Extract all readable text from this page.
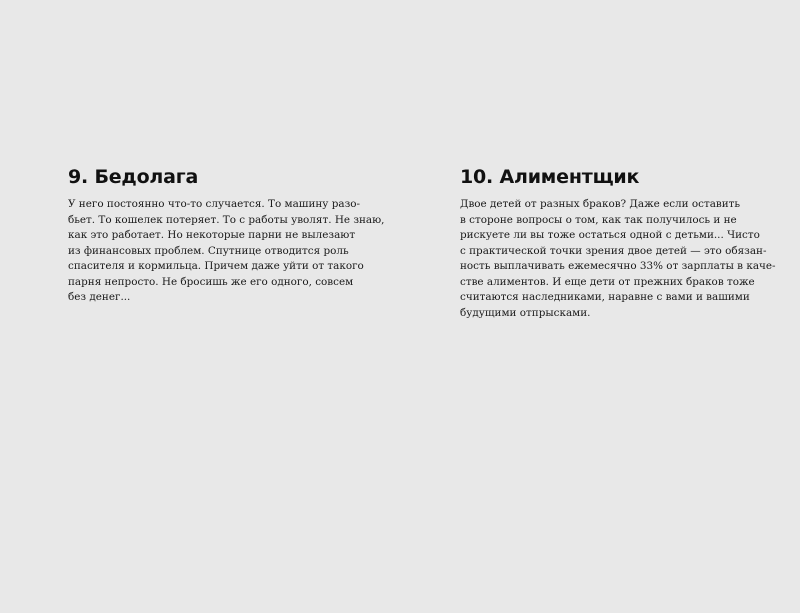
9. Бедолага

У него постоянно что-то случается. То машину разо-
бьет. То кошелек потеряет. То с работы уволят. Не знаю,
как это работает. Но некоторые парни не вылезают
из финансовых проблем. Спутнице отводится роль
спасителя и кормильца. Причем даже уйти от такого
парня непросто. Не бросишь же его одного, совсем
без денег...

10. Алиментщик

Двое детей от разных браков? Даже если оставить
в стороне вопросы о том, как так получилось и не
рискуете ли вы тоже остаться одной с детьми... Чисто
с практической точки зрения двое детей — это обязан-
ность выплачивать ежемесячно 33% от зарплаты в каче-
стве алиментов. И еще дети от прежних браков тоже
считаются наследниками, наравне с вами и вашими
будущими отпрысками.
